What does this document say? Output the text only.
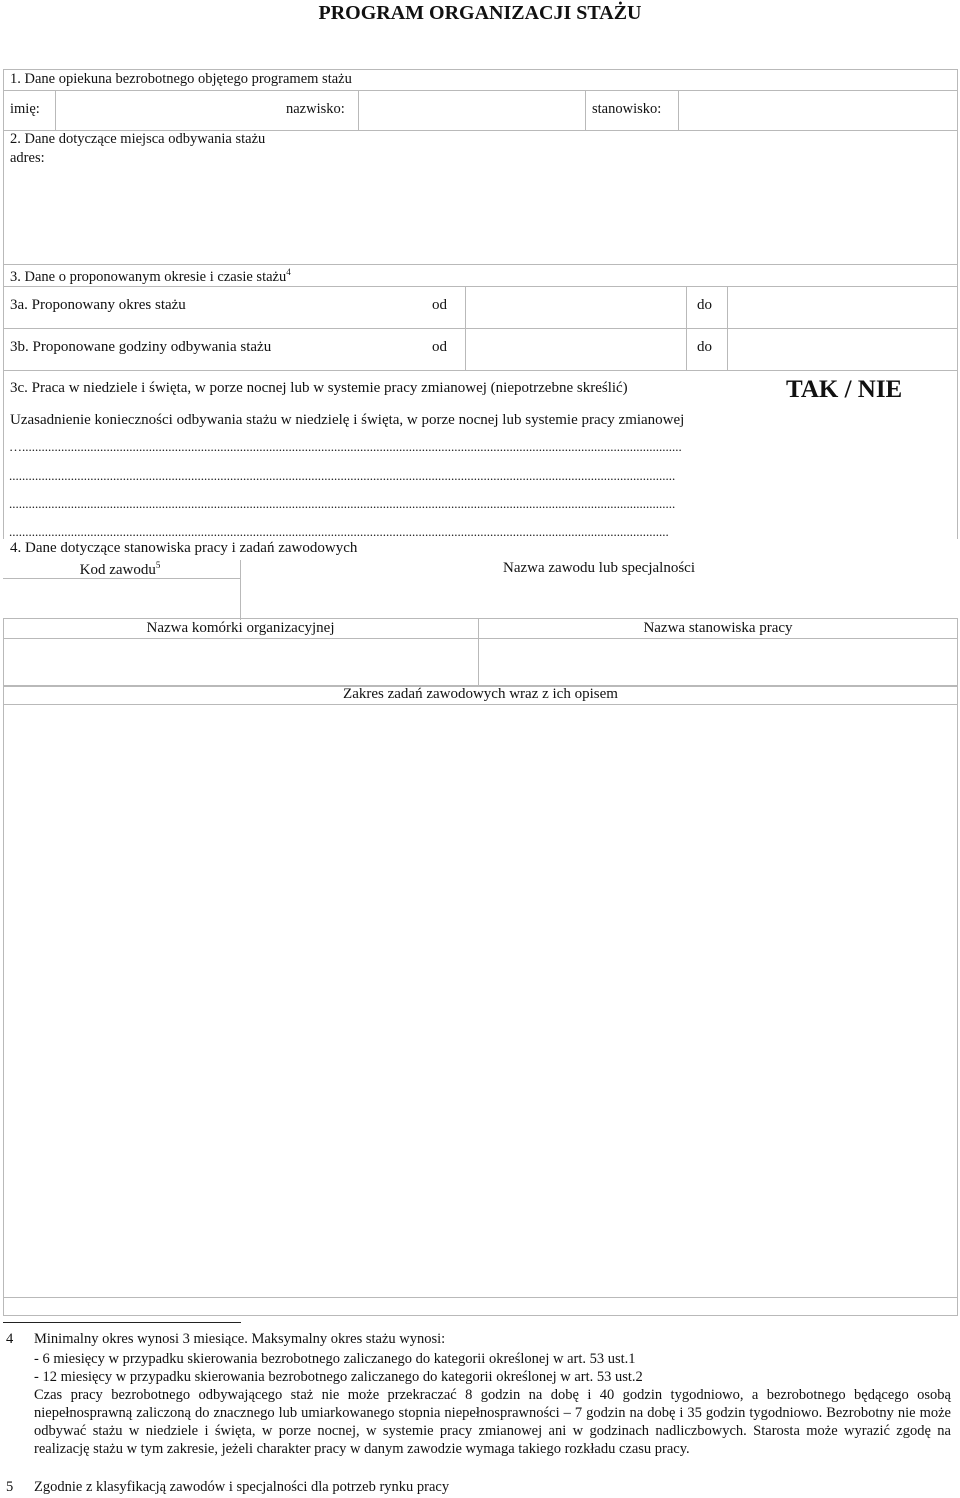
PROGRAM ORGANIZACJI STAŻU
1. Dane opiekuna bezrobotnego objętego programem stażu
imię:	nazwisko:	stanowisko:
2. Dane dotyczące miejsca odbywania stażu
adres:
3. Dane o proponowanym okresie i czasie stażu$^4$
3a. Proponowany okres stażu	od	do
3b. Proponowane godziny odbywania stażu	od	do
3c. Praca w niedziele i święta, w porze nocnej lub w systemie pracy zmianowej (niepotrzebne skreślić)	TAK / NIE
Uzasadnienie konieczności odbywania stażu w niedzielę i święta, w porze nocnej lub systemie pracy zmianowej
…...........................................................................................................................................................................................................
.............................................................................................................................................................................................................
.............................................................................................................................................................................................................
...........................................................................................................................................................................................................
4. Dane dotyczące stanowiska pracy i zadań zawodowych
Kod zawodu$^5$	Nazwa zawodu lub specjalności
Nazwa komórki organizacyjnej	Nazwa stanowiska pracy
Zakres zadań zawodowych wraz z ich opisem
4 Minimalny okres wynosi 3 miesiące. Maksymalny okres stażu wynosi:
- 6 miesięcy w przypadku skierowania bezrobotnego zaliczanego do kategorii określonej w art. 53 ust.1
- 12 miesięcy w przypadku skierowania bezrobotnego zaliczanego do kategorii określonej w art. 53 ust.2
Czas pracy bezrobotnego odbywającego staż nie może przekraczać 8 godzin na dobę i 40 godzin tygodniowo, a bezrobotnego będącego osobą niepełnosprawną zaliczoną do znacznego lub umiarkowanego stopnia niepełnosprawności – 7 godzin na dobę i 35 godzin tygodniowo. Bezrobotny nie może odbywać stażu w niedziele i święta, w porze nocnej, w systemie pracy zmianowej ani w godzinach nadliczbowych. Starosta może wyrazić zgodę na realizację stażu w tym zakresie, jeżeli charakter pracy w danym zawodzie wymaga takiego rozkładu czasu pracy.
5 Zgodnie z klasyfikacją zawodów i specjalności dla potrzeb rynku pracy
